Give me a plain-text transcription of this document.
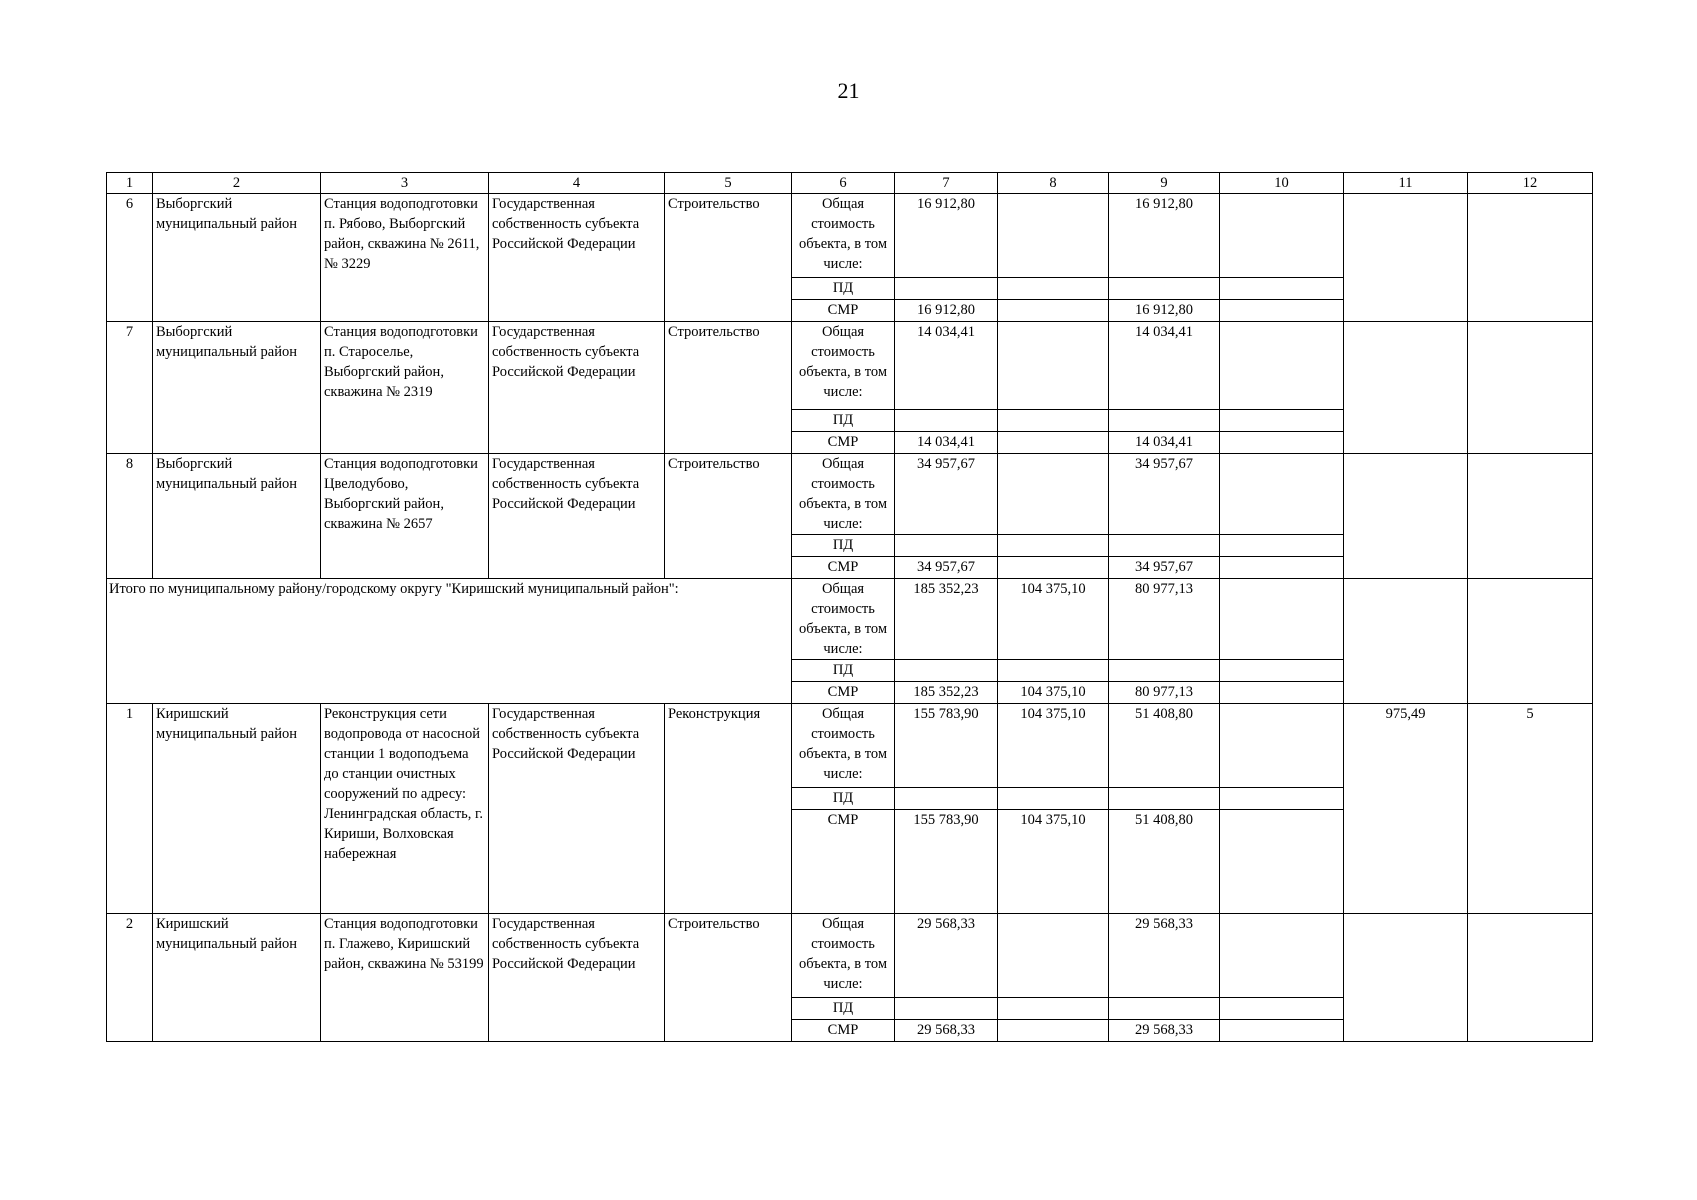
21
1	2	3	4	5	6	7	8	9	10	11	12
6	Выборгский муниципальный район	Станция водоподготовки п. Рябово, Выборгский район, скважина № 2611, № 3229	Государственная собственность субъекта Российской Федерации	Строительство	Общая стоимость объекта, в том числе:	16 912,80		16 912,80			
					ПД						
					СМР	16 912,80		16 912,80			
7	Выборгский муниципальный район	Станция водоподготовки п. Староселье, Выборгский район, скважина № 2319	Государственная собственность субъекта Российской Федерации	Строительство	Общая стоимость объекта, в том числе:	14 034,41		14 034,41			
					ПД						
					СМР	14 034,41		14 034,41			
8	Выборгский муниципальный район	Станция водоподготовки Цвелодубово, Выборгский район, скважина № 2657	Государственная собственность субъекта Российской Федерации	Строительство	Общая стоимость объекта, в том числе:	34 957,67		34 957,67			
					ПД						
					СМР	34 957,67		34 957,67			
Итого по муниципальному району/городскому округу "Киришский муниципальный район":					Общая стоимость объекта, в том числе:	185 352,23	104 375,10	80 977,13			
					ПД						
					СМР	185 352,23	104 375,10	80 977,13			
1	Киришский муниципальный район	Реконструкция сети водопровода от насосной станции 1 водоподъема до станции очистных сооружений по адресу: Ленинградская область, г. Кириши, Волховская набережная	Государственная собственность субъекта Российской Федерации	Реконструкция	Общая стоимость объекта, в том числе:	155 783,90	104 375,10	51 408,80		975,49	5
					ПД						
					СМР	155 783,90	104 375,10	51 408,80			
2	Киришский муниципальный район	Станция водоподготовки п. Глажево, Киришский район, скважина № 53199	Государственная собственность субъекта Российской Федерации	Строительство	Общая стоимость объекта, в том числе:	29 568,33		29 568,33			
					ПД						
					СМР	29 568,33		29 568,33			
